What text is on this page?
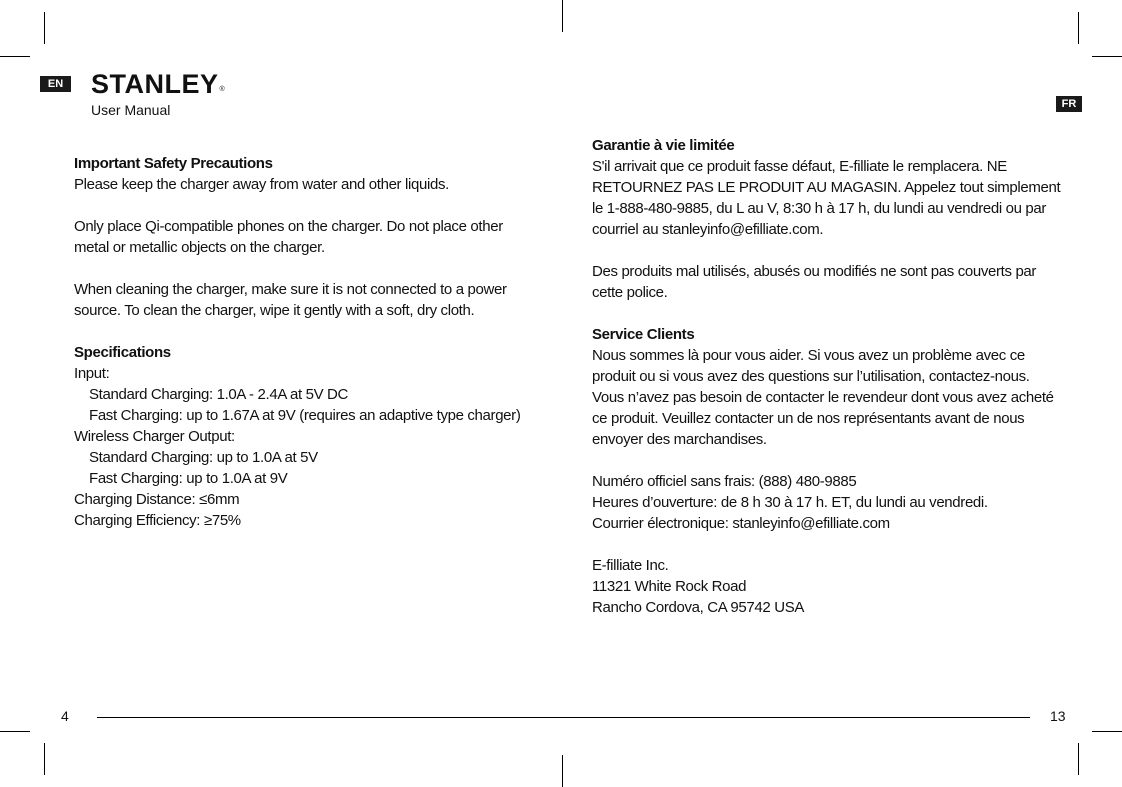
EN STANLEY®
User Manual	FR
Important Safety Precautions

Please keep the charger away from water and other liquids.

Only place Qi-compatible phones on the charger. Do not place other

metal or metallic objects on the charger.

When cleaning the charger, make sure it is not connected to a power

source. To clean the charger, wipe it gently with a soft, dry cloth.

Specifications

Input:

Standard Charging: 1.0A - 2.4A at 5V DC

Fast Charging: up to 1.67A at 9V (requires an adaptive type charger)

Wireless Charger Output:

Standard Charging: up to 1.0A at 5V

Fast Charging: up to 1.0A at 9V

Charging Distance: ≤6mm

Charging Efficiency: ≥75%

Garantie à vie limitée

S'il arrivait que ce produit fasse défaut, E-filliate le remplacera. NE

RETOURNEZ PAS LE PRODUIT AU MAGASIN. Appelez tout simplement

le 1-888-480-9885, du L au V, 8:30 h à 17 h, du lundi au vendredi ou par

courriel au stanleyinfo@efilliate.com.

Des produits mal utilisés, abusés ou modifiés ne sont pas couverts par

cette police.

Service Clients

Nous sommes là pour vous aider. Si vous avez un problème avec ce

produit ou si vous avez des questions sur l’utilisation, contactez-nous.

Vous n’avez pas besoin de contacter le revendeur dont vous avez acheté

ce produit. Veuillez contacter un de nos représentants avant de nous

envoyer des marchandises.

Numéro officiel sans frais: (888) 480-9885

Heures d’ouverture: de 8 h 30 à 17 h. ET, du lundi au vendredi.

Courrier électronique: stanleyinfo@efilliate.com

E-filliate Inc.

11321 White Rock Road

Rancho Cordova, CA 95742 USA

4	13
